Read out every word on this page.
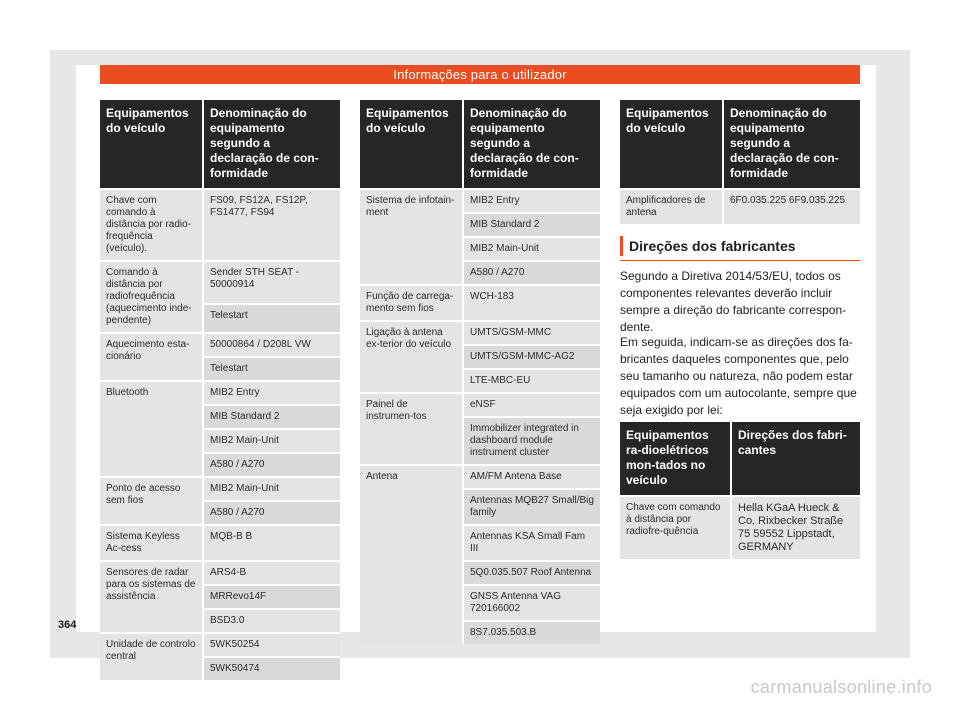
Informações para o utilizador
Equipamentos do veículo	Denominação do equipamento segundo a declaração de con-formidade
Chave com comando à distância por radio-frequência (veículo).	FS09, FS12A, FS12P, FS1477, FS94
Comando à distância por radiofrequência (aquecimento inde-pendente)	Sender STH SEAT - 50000914
	Telestart
Aquecimento esta-cionário	50000864 / D208L VW
	Telestart
Bluetooth	MIB2 Entry
	MIB Standard 2
	MIB2 Main-Unit
	A580 / A270
Ponto de acesso sem fios	MIB2 Main-Unit
	A580 / A270
Sistema Keyless Ac-cess	MQB-B B
Sensores de radar para os sistemas de assistência	ARS4-B
	MRRevo14F
	BSD3.0
Unidade de controlo central	5WK50254
	5WK50474
Equipamentos do veículo	Denominação do equipamento segundo a declaração de con-formidade
Sistema de infotain-ment	MIB2 Entry
	MIB Standard 2
	MIB2 Main-Unit
	A580 / A270
Função de carrega-mento sem fios	WCH-183
Ligação à antena ex-terior do veículo	UMTS/GSM-MMC
	UMTS/GSM-MMC-AG2
	LTE-MBC-EU
Painel de instrumen-tos	eNSF
	Immobilizer integrated in dashboard module instrument cluster
Antena	AM/FM Antena Base
	Antennas MQB27 Small/Big family
	Antennas KSA Small Fam III
	5Q0.035.507 Roof Antenna
	GNSS Antenna VAG 720166002
	8S7.035.503.B
Equipamentos do veículo	Denominação do equipamento segundo a declaração de con-formidade
Amplificadores de antena	6F0.035.225 6F9.035.225
Direções dos fabricantes
Segundo a Diretiva 2014/53/EU, todos os componentes relevantes deverão incluir sempre a direção do fabricante correspon-dente.
Em seguida, indicam-se as direções dos fa-bricantes daqueles componentes que, pelo seu tamanho ou natureza, não podem estar equipados com um autocolante, sempre que seja exigido por lei:
Equipamentos ra-dioelétricos mon-tados no veículo	Direções dos fabri-cantes
Chave com comando à distância por radiofre-quência	Hella KGaA Hueck & Co. Rixbecker Straße 75 59552 Lippstadt, GERMANY
364
carmanualsonline.info
